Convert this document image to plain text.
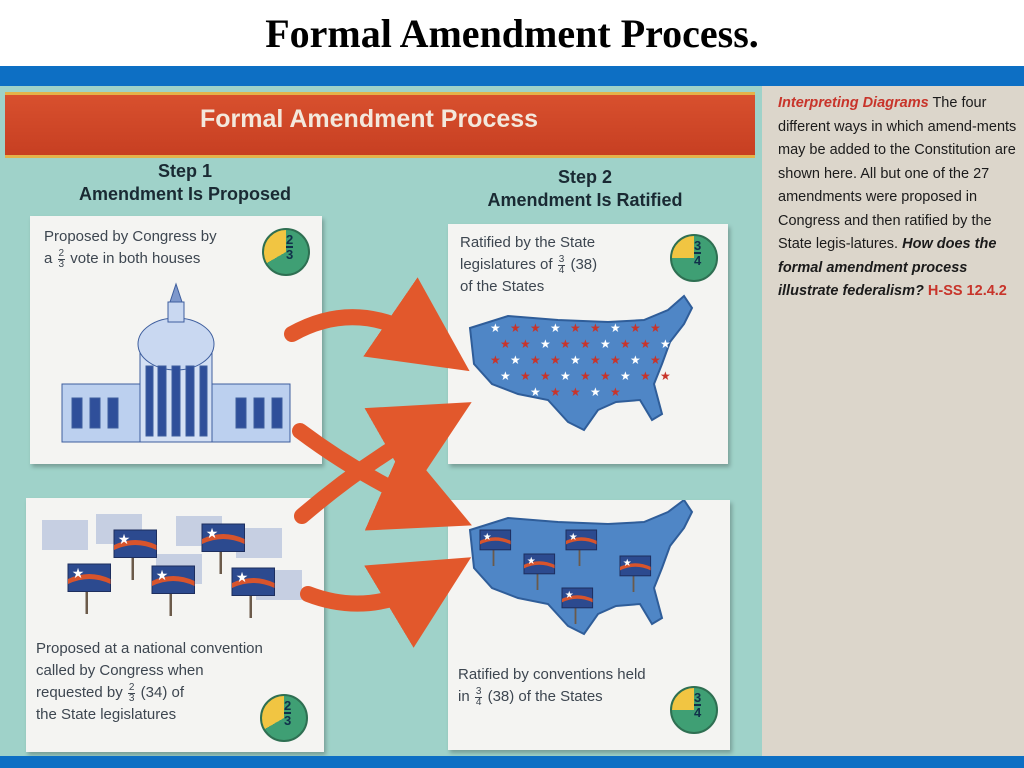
Formal Amendment Process.
Interpreting Diagrams The four different ways in which amend-ments may be added to the Constitution are shown here. All but one of the 27 amendments were proposed in Congress and then ratified by the State legis-latures. How does the formal amendment process illustrate federalism? H-SS 12.4.2
Formal Amendment Process
Step 1
Amendment Is Proposed
Step 2
Amendment Is Ratified
Proposed by Congress by
a $\frac{2}{3}$ vote in both houses
2
3
Ratified by the State
legislatures of $\frac{3}{4} (38)$
of the States
3
4
★ ★ ★ ★ ★ ★ ★ ★ ★
★ ★ ★ ★ ★ ★ ★ ★ ★
★ ★ ★ ★ ★ ★ ★ ★ ★
★ ★ ★ ★ ★ ★ ★ ★ ★
★ ★ ★ ★ ★
★	★
★	★	★
Proposed at a national convention
called by Congress when
requested by $\frac{2}{3} (34)$ of
the State legislatures
2
3
★
★
★
★
★
Ratified by conventions held
in $\frac{3}{4} (38)$ of the States	3
4
